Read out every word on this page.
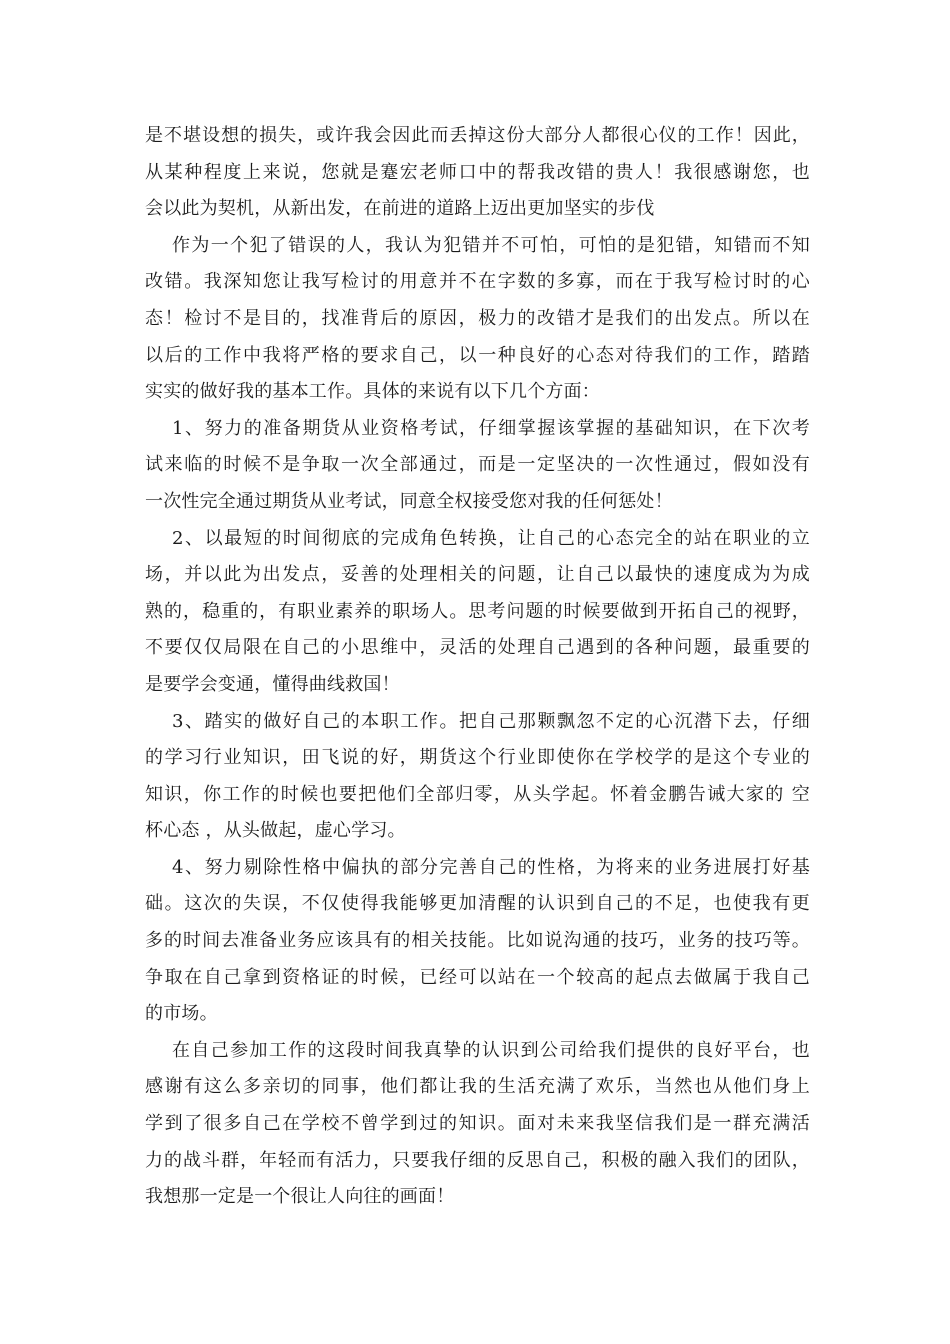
是不堪设想的损失，或许我会因此而丢掉这份大部分人都很心仪的工作！因此，
从某种程度上来说，您就是蹇宏老师口中的帮我改错的贵人！我很感谢您，也
会以此为契机，从新出发，在前进的道路上迈出更加坚实的步伐
作为一个犯了错误的人，我认为犯错并不可怕，可怕的是犯错，知错而不知
改错。我深知您让我写检讨的用意并不在字数的多寡，而在于我写检讨时的心
态！检讨不是目的，找准背后的原因，极力的改错才是我们的出发点。所以在
以后的工作中我将严格的要求自己，以一种良好的心态对待我们的工作，踏踏
实实的做好我的基本工作。具体的来说有以下几个方面：
1、努力的准备期货从业资格考试，仔细掌握该掌握的基础知识，在下次考
试来临的时候不是争取一次全部通过，而是一定坚决的一次性通过，假如没有
一次性完全通过期货从业考试，同意全权接受您对我的任何惩处！
2、以最短的时间彻底的完成角色转换，让自己的心态完全的站在职业的立
场，并以此为出发点，妥善的处理相关的问题，让自己以最快的速度成为为成
熟的，稳重的，有职业素养的职场人。思考问题的时候要做到开拓自己的视野，
不要仅仅局限在自己的小思维中，灵活的处理自己遇到的各种问题，最重要的
是要学会变通，懂得曲线救国！
3、踏实的做好自己的本职工作。把自己那颗飘忽不定的心沉潜下去，仔细
的学习行业知识，田飞说的好，期货这个行业即使你在学校学的是这个专业的
知识，你工作的时候也要把他们全部归零，从头学起。怀着金鹏告诫大家的 空
杯心态 ，从头做起，虚心学习。
4、努力剔除性格中偏执的部分完善自己的性格，为将来的业务进展打好基
础。这次的失误，不仅使得我能够更加清醒的认识到自己的不足，也使我有更
多的时间去准备业务应该具有的相关技能。比如说沟通的技巧，业务的技巧等。
争取在自己拿到资格证的时候，已经可以站在一个较高的起点去做属于我自己
的市场。
在自己参加工作的这段时间我真挚的认识到公司给我们提供的良好平台，也
感谢有这么多亲切的同事，他们都让我的生活充满了欢乐，当然也从他们身上
学到了很多自己在学校不曾学到过的知识。面对未来我坚信我们是一群充满活
力的战斗群，年轻而有活力，只要我仔细的反思自己，积极的融入我们的团队，
我想那一定是一个很让人向往的画面！
